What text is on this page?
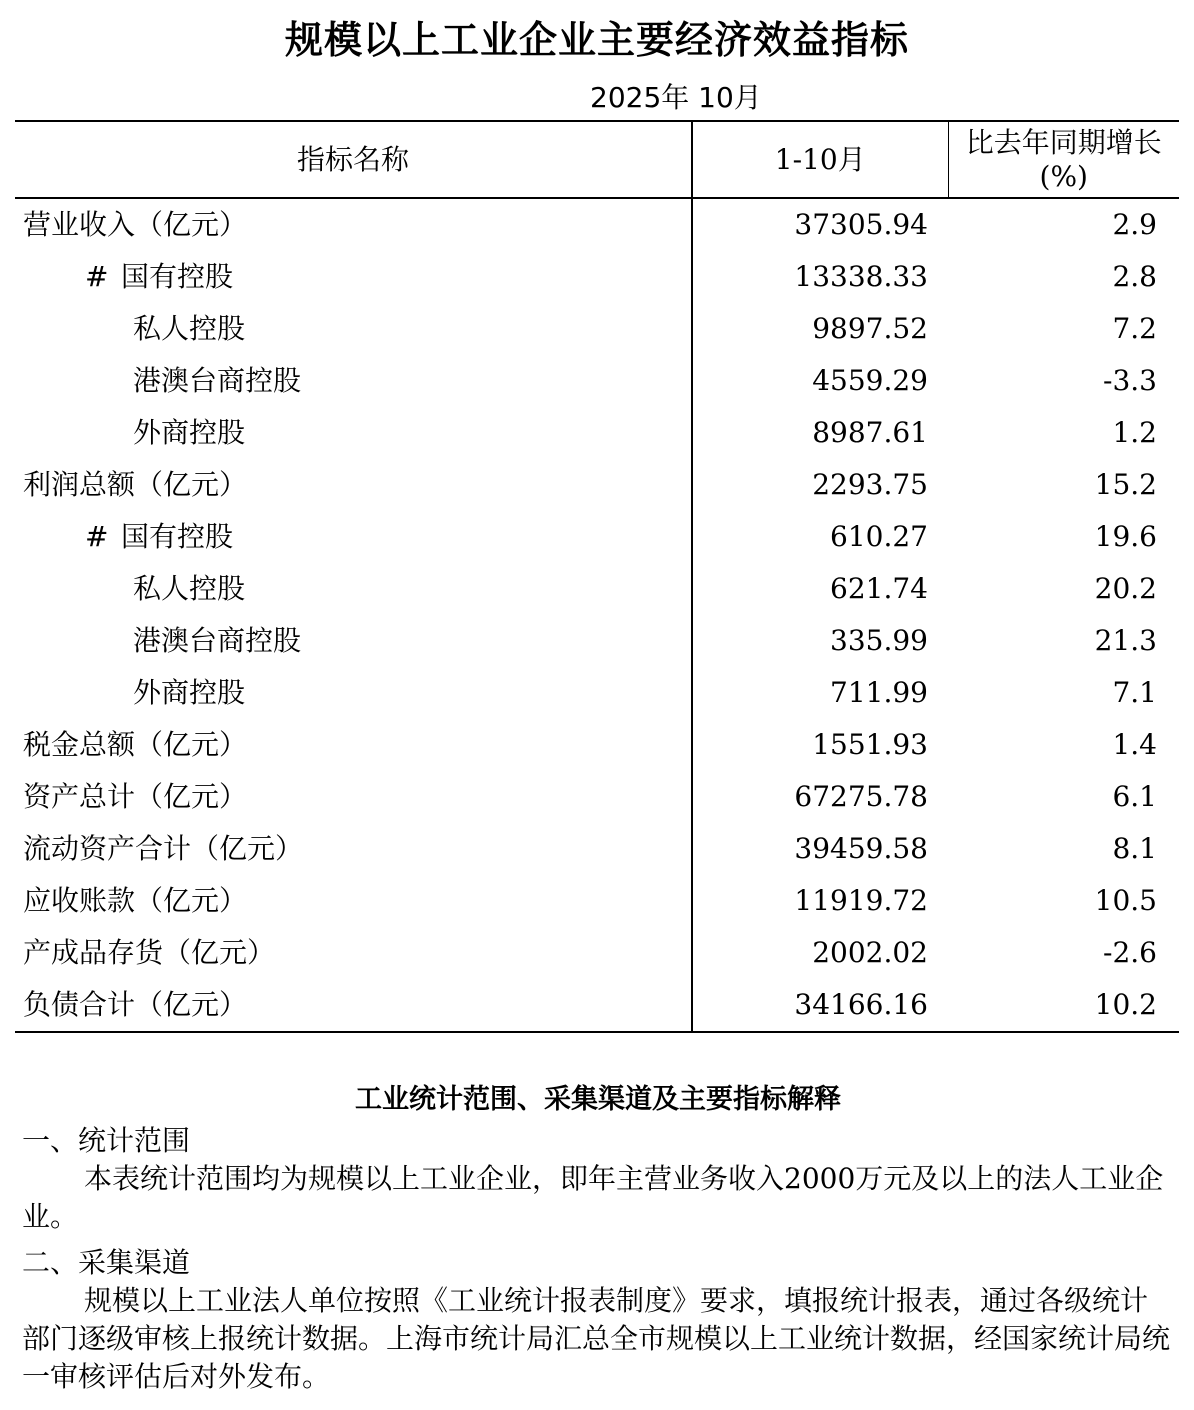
规模以上工业企业主要经济效益指标
2025年 10月
指标名称	1-10月	比去年同期增长(%)
营业收入（亿元）	37305.94	2.9
# 国有控股	13338.33	2.8
私人控股	9897.52	7.2
港澳台商控股	4559.29	-3.3
外商控股	8987.61	1.2
利润总额（亿元）	2293.75	15.2
# 国有控股	610.27	19.6
私人控股	621.74	20.2
港澳台商控股	335.99	21.3
外商控股	711.99	7.1
税金总额（亿元）	1551.93	1.4
资产总计（亿元）	67275.78	6.1
流动资产合计（亿元）	39459.58	8.1
应收账款（亿元）	11919.72	10.5
产成品存货（亿元）	2002.02	-2.6
负债合计（亿元）	34166.16	10.2

工业统计范围、采集渠道及主要指标解释

一、统计范围

本表统计范围均为规模以上工业企业，即年主营业务收入2000万元及以上的法人工业企业。

二、采集渠道

规模以上工业法人单位按照《工业统计报表制度》要求，填报统计报表，通过各级统计部门逐级审核上报统计数据。上海市统计局汇总全市规模以上工业统计数据，经国家统计局统一审核评估后对外发布。
